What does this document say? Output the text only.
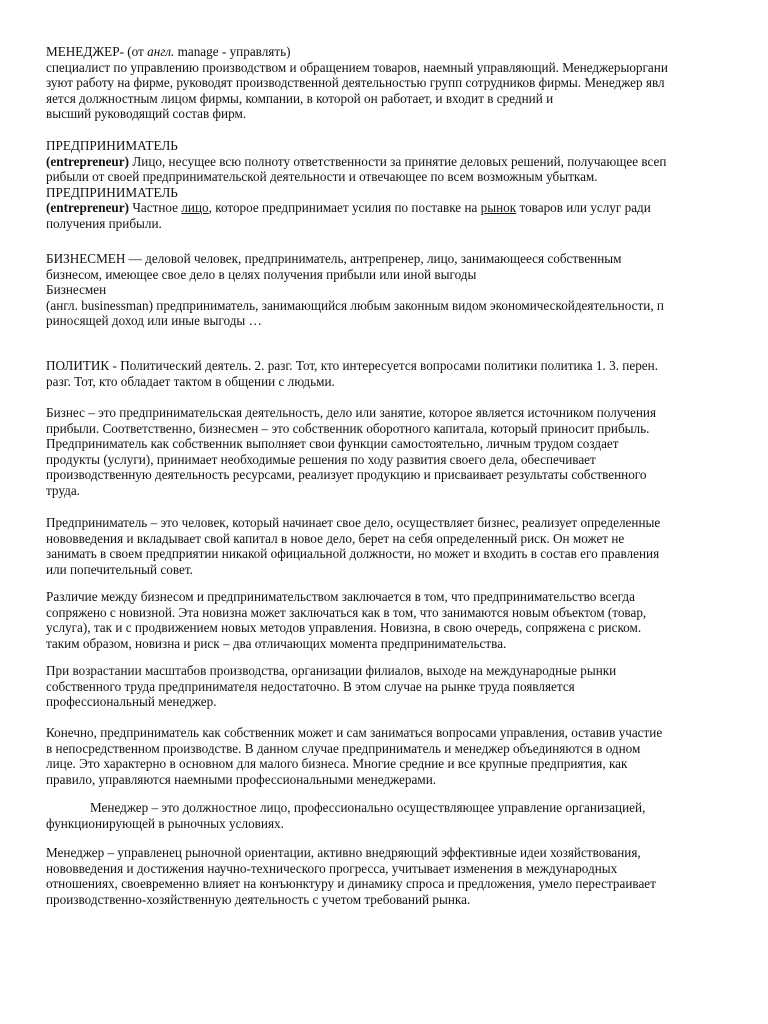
МЕНЕДЖЕР- (от англ. manage - управлять)
специалист по управлению производством и обращением товаров, наемный управляющий. Менеджерыоргани
зуют работу на фирме, руководят производственной деятельностью групп сотрудников фирмы. Менеджер явл
яется должностным лицом фирмы, компании, в которой он работает, и входит в средний и
высший руководящий состав фирм.
ПРЕДПРИНИМАТЕЛЬ
(entrepreneur) Лицо, несущее всю полноту ответственности за принятие деловых решений, получающее всеп
рибыли от своей предпринимательской деятельности и отвечающее по всем возможным убыткам.
ПРЕДПРИНИМАТЕЛЬ
(entrepreneur) Частное лицо, которое предпринимает усилия по поставке на рынок товаров или услуг ради
получения прибыли.
БИЗНЕСМЕН — деловой человек, предприниматель, антрепренер, лицо, занимающееся собственным
бизнесом, имеющее свое дело в целях получения прибыли или иной выгоды
Бизнесмен
(англ. businessman) предприниматель, занимающийся любым законным видом экономическойдеятельности, п
риносящей доход или иные выгоды …
ПОЛИТИК - Политический деятель. 2. разг. Тот, кто интересуется вопросами политики политика 1. 3. перен.
разг. Тот, кто обладает тактом в общении с людьми.
Бизнес – это предпринимательская деятельность, дело или занятие, которое является источником получения
прибыли. Соответственно, бизнесмен – это собственник оборотного капитала, который приносит прибыль.
Предприниматель как собственник выполняет свои функции самостоятельно, личным трудом создает
продукты (услуги), принимает необходимые решения по ходу развития своего дела, обеспечивает
производственную деятельность ресурсами, реализует продукцию и присваивает результаты собственного
труда.
Предприниматель – это человек, который начинает свое дело, осуществляет бизнес, реализует определенные
нововведения и вкладывает свой капитал в новое дело, берет на себя определенный риск. Он может не
занимать в своем предприятии никакой официальной должности, но может и входить в состав его правления
или попечительный совет.
Различие между бизнесом и предпринимательством заключается в том, что предпринимательство всегда
сопряжено с новизной. Эта новизна может заключаться как в том, что занимаются новым объектом (товар,
услуга), так и с продвижением новых методов управления. Новизна, в свою очередь, сопряжена с риском.
таким образом, новизна и риск – два отличающих момента предпринимательства.
При возрастании масштабов производства, организации филиалов, выходе на международные рынки
собственного труда предпринимателя недостаточно. В этом случае на рынке труда появляется
профессиональный менеджер.
Конечно, предприниматель как собственник может и сам заниматься вопросами управления, оставив участие
в непосредственном производстве. В данном случае предприниматель и менеджер объединяются в одном
лице. Это характерно в основном для малого бизнеса. Многие средние и все крупные предприятия, как
правило, управляются наемными профессиональными менеджерами.
Менеджер – это должностное лицо, профессионально осуществляющее управление организацией,
функционирующей в рыночных условиях.
Менеджер – управленец рыночной ориентации, активно внедряющий эффективные идеи хозяйствования,
нововведения и достижения научно-технического прогресса, учитывает изменения в международных
отношениях, своевременно влияет на конъюнктуру и динамику спроса и предложения, умело перестраивает
производственно-хозяйственную деятельность с учетом требований рынка.
